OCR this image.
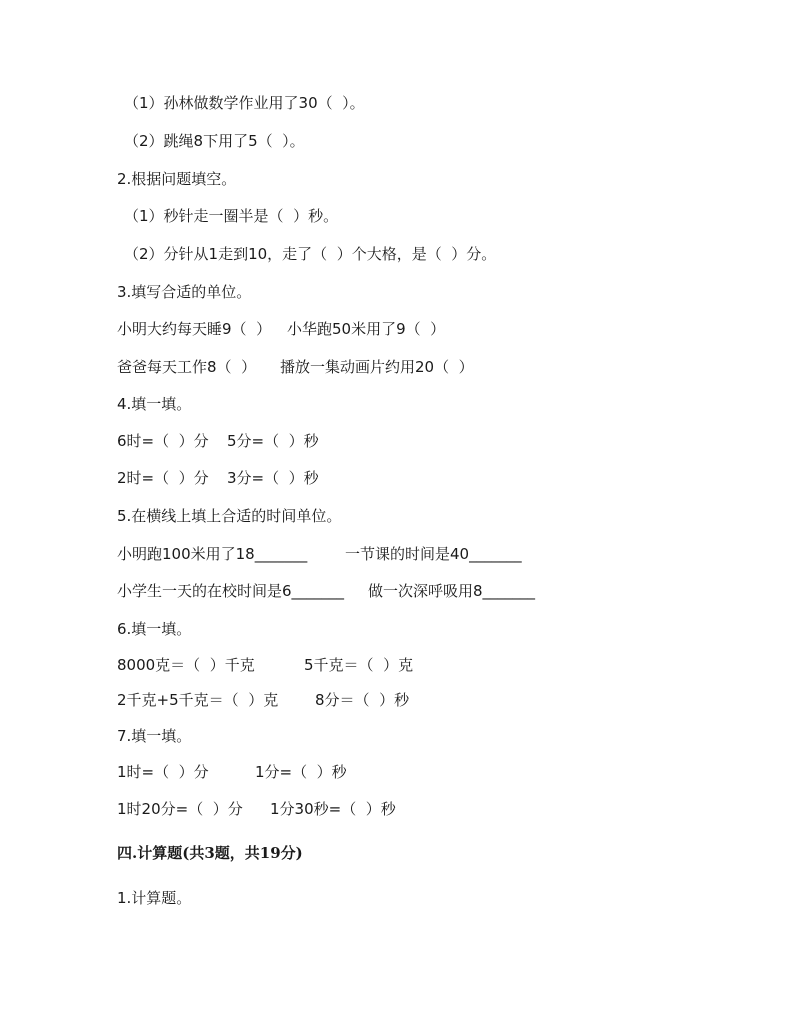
（1）孙林做数学作业用了30（  ）。
（2）跳绳8下用了5（  ）。
2.根据问题填空。
（1）秒针走一圈半是（  ）秒。
（2）分针从1走到10，走了（  ）个大格，是（  ）分。
3.填写合适的单位。
小明大约每天睡9（  ） 小华跑50米用了9（  ）
爸爸每天工作8（  ） 播放一集动画片约用20（  ）
4.填一填。
6时=（  ）分 5分=（  ）秒
2时=（  ）分 3分=（  ）秒
5.在横线上填上合适的时间单位。
小明跑100米用了18_______	一节课的时间是40_______
小学生一天的在校时间是6_______ 做一次深呼吸用8_______
6.填一填。
8000克＝（  ）千克	5千克＝（  ）克
2千克+5千克＝（  ）克 8分＝（  ）秒
7.填一填。
1时=（  ）分	1分=（  ）秒
1时20分=（  ）分 1分30秒=（  ）秒
四.计算题(共3题，共19分)
1.计算题。
